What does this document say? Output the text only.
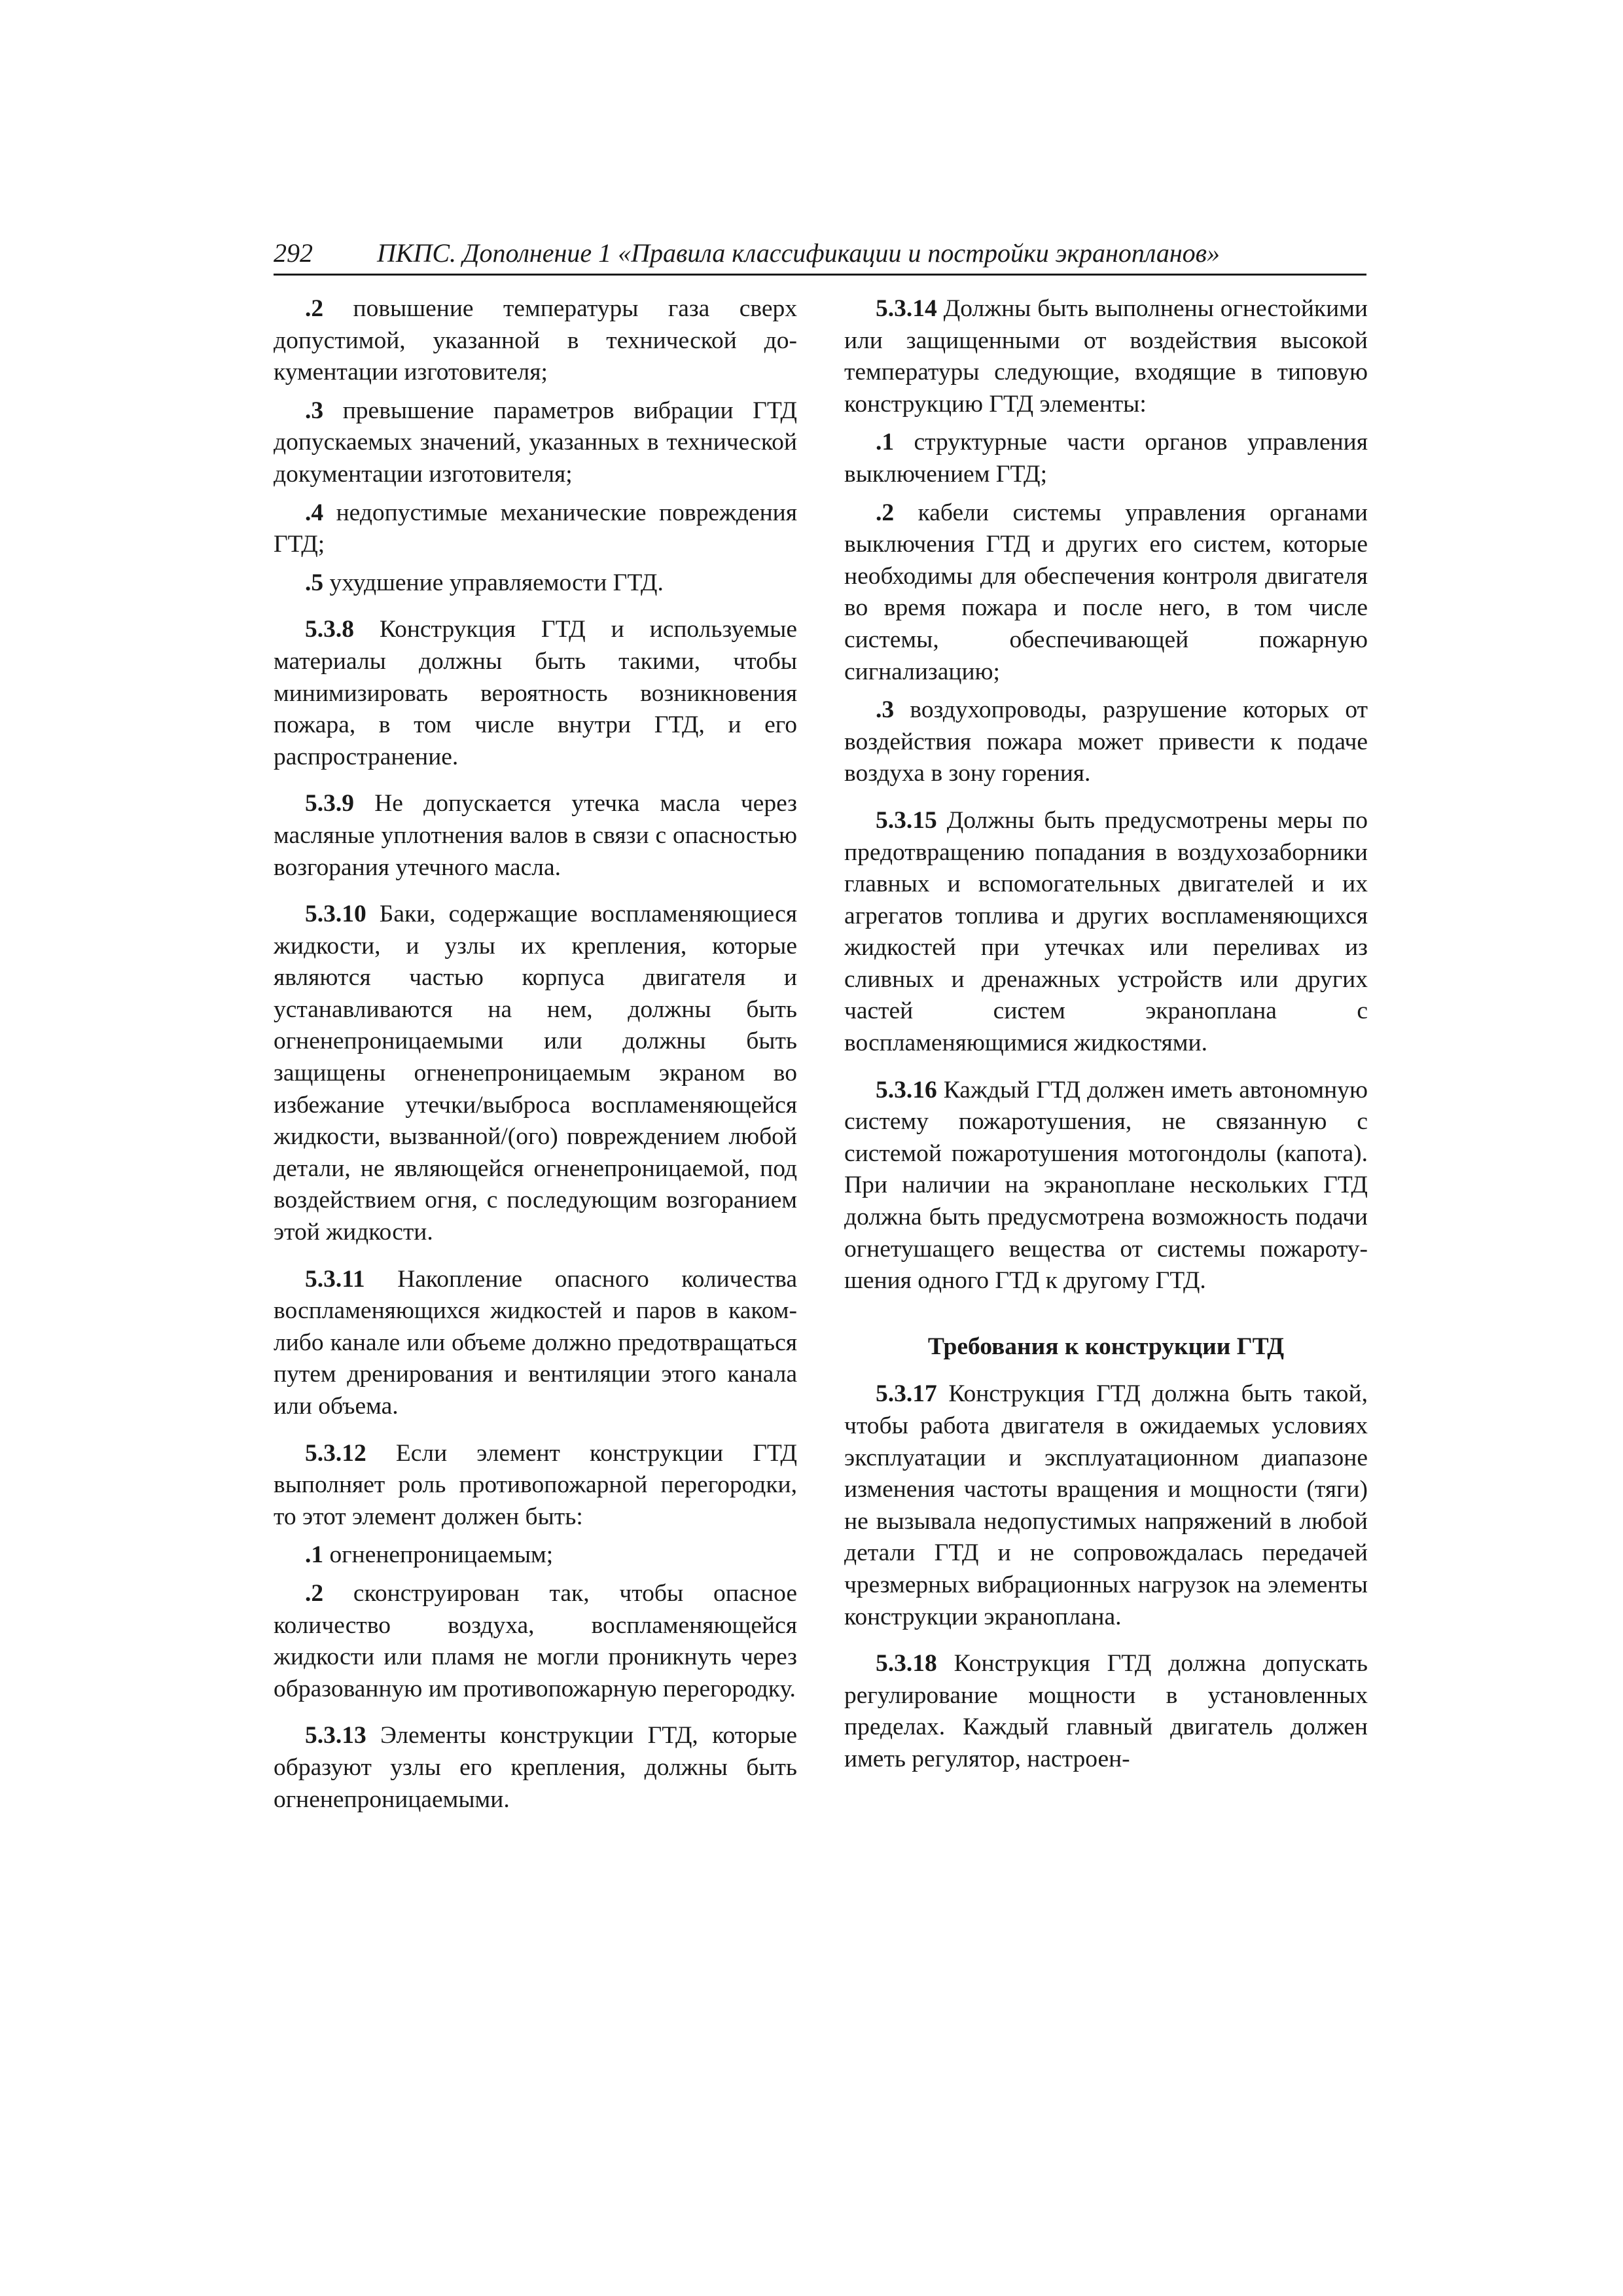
292 ПКПС. Дополнение 1 «Правила классификации и постройки экранопланов»

.2 повышение температуры газа сверх допустимой, указанной в технической документации изготовителя;

.3 превышение параметров вибрации ГТД допускаемых значений, указанных в технической документации изготовителя;

.4 недопустимые механические повреждения ГТД;

.5 ухудшение управляемости ГТД.

5.3.8 Конструкция ГТД и используемые материалы должны быть такими, чтобы минимизировать вероятность возникновения пожара, в том числе внутри ГТД, и его распространение.

5.3.9 Не допускается утечка масла через масляные уплотнения валов в связи с опасностью возгорания утечного масла.

5.3.10 Баки, содержащие воспламеняющиеся жидкости, и узлы их крепления, которые являются частью корпуса двигателя и устанавливаются на нем, должны быть огненепроницаемыми или должны быть защищены огненепроницаемым экраном во избежание утечки/выброса воспламеняющейся жидкости, вызванной/(ого) повреждением любой детали, не являющейся огненепроницаемой, под воздействием огня, с последующим возгоранием этой жидкости.

5.3.11 Накопление опасного количества воспламеняющихся жидкостей и паров в каком-либо канале или объеме должно предотвращаться путем дренирования и вентиляции этого канала или объема.

5.3.12 Если элемент конструкции ГТД выполняет роль противопожарной перегородки, то этот элемент должен быть:

.1 огненепроницаемым;

.2 сконструирован так, чтобы опасное количество воздуха, воспламеняющейся жидкости или пламя не могли проникнуть через образованную им противопожарную перегородку.

5.3.13 Элементы конструкции ГТД, которые образуют узлы его крепления, должны быть огненепроницаемыми.

5.3.14 Должны быть выполнены огнестойкими или защищенными от воздействия высокой температуры следующие, входящие в типовую конструкцию ГТД элементы:

.1 структурные части органов управления выключением ГТД;

.2 кабели системы управления органами выключения ГТД и других его систем, которые необходимы для обеспечения контроля двигателя во время пожара и после него, в том числе системы, обеспечивающей пожарную сигнализацию;

.3 воздухопроводы, разрушение которых от воздействия пожара может привести к подаче воздуха в зону горения.

5.3.15 Должны быть предусмотрены меры по предотвращению попадания в воздухозаборники главных и вспомогательных двигателей и их агрегатов топлива и других воспламеняющихся жидкостей при утечках или переливах из сливных и дренажных устройств или других частей систем экраноплана с воспламеняющимися жидкостями.

5.3.16 Каждый ГТД должен иметь автономную систему пожаротушения, не связанную с системой пожаротушения мотогондолы (капота). При наличии на экраноплане нескольких ГТД должна быть предусмотрена возможность подачи огнетушащего вещества от системы пожаротушения одного ГТД к другому ГТД.

Требования к конструкции ГТД

5.3.17 Конструкция ГТД должна быть такой, чтобы работа двигателя в ожидаемых условиях эксплуатации и эксплуатационном диапазоне изменения частоты вращения и мощности (тяги) не вызывала недопустимых напряжений в любой детали ГТД и не сопровождалась передачей чрезмерных вибрационных нагрузок на элементы конструкции экраноплана.

5.3.18 Конструкция ГТД должна допускать регулирование мощности в установленных пределах. Каждый главный двигатель должен иметь регулятор, настроен-
